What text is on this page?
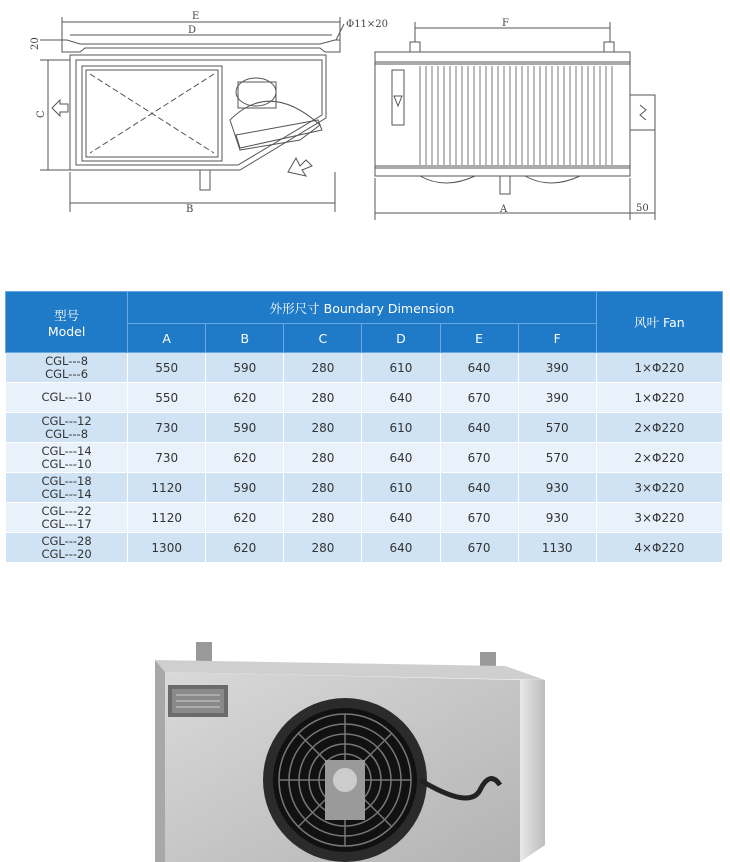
E
D
Φ11×20
20
C
B
F
A	50
型号
Model	外形尺寸 Boundary Dimension						风叶 Fan
	A	B	C	D	E	F	

CGL---8
CGL---6	550	590	280	610	640	390	1×Φ220

CGL---10	550	620	280	640	670	390	1×Φ220

CGL---12
CGL---8	730	590	280	610	640	570	2×Φ220

CGL---14
CGL---10	730	620	280	640	670	570	2×Φ220

CGL---18
CGL---14	1120	590	280	610	640	930	3×Φ220

CGL---22
CGL---17	1120	620	280	640	670	930	3×Φ220

CGL---28
CGL---20	1300	620	280	640	670	1130	4×Φ220
